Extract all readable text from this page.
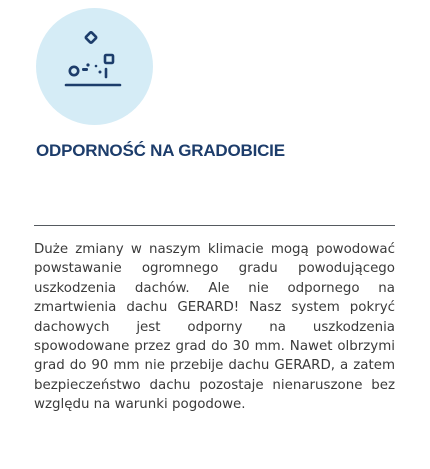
ODPORNOŚĆ NA GRADOBICIE

Duże zmiany w naszym klimacie mogą powodować powstawanie ogromnego gradu powodującego uszkodzenia dachów. Ale nie odpornego na zmartwienia dachu GERARD! Nasz system pokryć dachowych jest odporny na uszkodzenia spowodowane przez grad do 30 mm. Nawet olbrzymi grad do 90 mm nie przebije dachu GERARD, a zatem bezpieczeństwo dachu pozostaje nienaruszone bez względu na warunki pogodowe.
